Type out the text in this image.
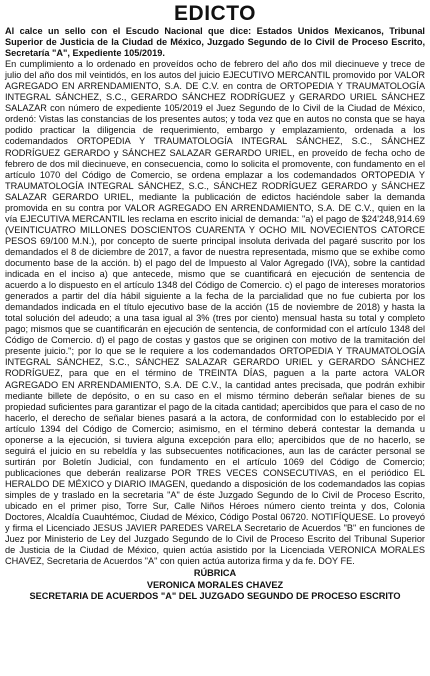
EDICTO

Al calce un sello con el Escudo Nacional que dice: Estados Unidos Mexicanos, Tribunal Superior de Justicia de la Ciudad de México, Juzgado Segundo de lo Civil de Proceso Escrito, Secretaría "A", Expediente 105/2019.

En cumplimiento a lo ordenado en proveídos ocho de febrero del año dos mil diecinueve y trece de julio del año dos mil veintidós, en los autos del juicio EJECUTIVO MERCANTIL promovido por VALOR AGREGADO EN ARRENDAMIENTO, S.A. DE C.V. en contra de ORTOPEDIA Y TRAUMATOLOGÍA INTEGRAL SÁNCHEZ, S.C., GERARDO SÁNCHEZ RODRÍGUEZ y GERARDO URIEL SÁNCHEZ SALAZAR con número de expediente 105/2019 el Juez Segundo de lo Civil de la Ciudad de México, ordenó: Vistas las constancias de los presentes autos; y toda vez que en autos no consta que se haya podido practicar la diligencia de requerimiento, embargo y emplazamiento, ordenada a los codemandados ORTOPEDIA Y TRAUMATOLOGÍA INTEGRAL SÁNCHEZ, S.C., SÁNCHEZ RODRÍGUEZ GERARDO y SÁNCHEZ SALAZAR GERARDO URIEL, en proveído de fecha ocho de febrero de dos mil diecinueve, en consecuencia, como lo solicita el promovente, con fundamento en el artículo 1070 del Código de Comercio, se ordena emplazar a los codemandados ORTOPEDIA Y TRAUMATOLOGÍA INTEGRAL SÁNCHEZ, S.C., SÁNCHEZ RODRÍGUEZ GERARDO y SÁNCHEZ SALAZAR GERARDO URIEL, mediante la publicación de edictos haciéndole saber la demanda promovida en su contra por VALOR AGREGADO EN ARRENDAMIENTO, S.A. DE C.V., quien en la vía EJECUTIVA MERCANTIL les reclama en escrito inicial de demanda: "a) el pago de $24'248,914.69 (VEINTICUATRO MILLONES DOSCIENTOS CUARENTA Y OCHO MIL NOVECIENTOS CATORCE PESOS 69/100 M.N.), por concepto de suerte principal insoluta derivada del pagaré suscrito por los demandados el 8 de diciembre de 2017, a favor de nuestra representada, mismo que se exhibe como documento base de la acción. b) el pago del de Impuesto al Valor Agregado (IVA), sobre la cantidad indicada en el inciso a) que antecede, mismo que se cuantificará en ejecución de sentencia de acuerdo a lo dispuesto en el artículo 1348 del Código de Comercio. c) el pago de intereses moratorios generados a partir del día hábil siguiente a la fecha de la parcialidad que no fue cubierta por los demandados indicada en el título ejecutivo base de la acción (15 de noviembre de 2018) y hasta la total solución del adeudo; a una tasa igual al 3% (tres por ciento) mensual hasta su total y completo pago; mismos que se cuantificarán en ejecución de sentencia, de conformidad con el artículo 1348 del Código de Comercio. d) el pago de costas y gastos que se originen con motivo de la tramitación del presente juicio."; por lo que se le requiere a los codemandados ORTOPEDIA Y TRAUMATOLOGÍA INTEGRAL SÁNCHEZ, S.C., SÁNCHEZ SALAZAR GERARDO URIEL y GERARDO SÁNCHEZ RODRÍGUEZ, para que en el término de TREINTA DÍAS, paguen a la parte actora VALOR AGREGADO EN ARRENDAMIENTO, S.A. DE C.V., la cantidad antes precisada, que podrán exhibir mediante billete de depósito, o en su caso en el mismo término deberán señalar bienes de su propiedad suficientes para garantizar el pago de la citada cantidad; apercibidos que para el caso de no hacerlo, el derecho de señalar bienes pasará a la actora, de conformidad con lo establecido por el artículo 1394 del Código de Comercio; asimismo, en el término deberá contestar la demanda u oponerse a la ejecución, si tuviera alguna excepción para ello; apercibidos que de no hacerlo, se seguirá el juicio en su rebeldía y las subsecuentes notificaciones, aun las de carácter personal se surtirán por Boletín Judicial, con fundamento en el artículo 1069 del Código de Comercio; publicaciones que deberán realizarse POR TRES VECES CONSECUTIVAS, en el periódico EL HERALDO DE MÉXICO y DIARIO IMAGEN, quedando a disposición de los codemandados las copias simples de y traslado en la secretaria "A" de éste Juzgado Segundo de lo Civil de Proceso Escrito, ubicado en el primer piso, Torre Sur, Calle Niños Héroes número ciento treinta y dos, Colonia Doctores, Alcaldía Cuauhtémoc, Ciudad de México, Código Postal 06720. NOTIFÍQUESE. Lo proveyó y firma el Licenciado JESUS JAVIER PAREDES VARELA Secretario de Acuerdos "B" en funciones de Juez por Ministerio de Ley del Juzgado Segundo de lo Civil de Proceso Escrito del Tribunal Superior de Justicia de la Ciudad de México, quien actúa asistido por la Licenciada VERONICA MORALES CHAVEZ, Secretaria de Acuerdos "A" con quien actúa autoriza firma y da fe. DOY FE.

RÚBRICA
VERONICA MORALES CHAVEZ
SECRETARIA DE ACUERDOS "A" DEL JUZGADO SEGUNDO DE PROCESO ESCRITO
